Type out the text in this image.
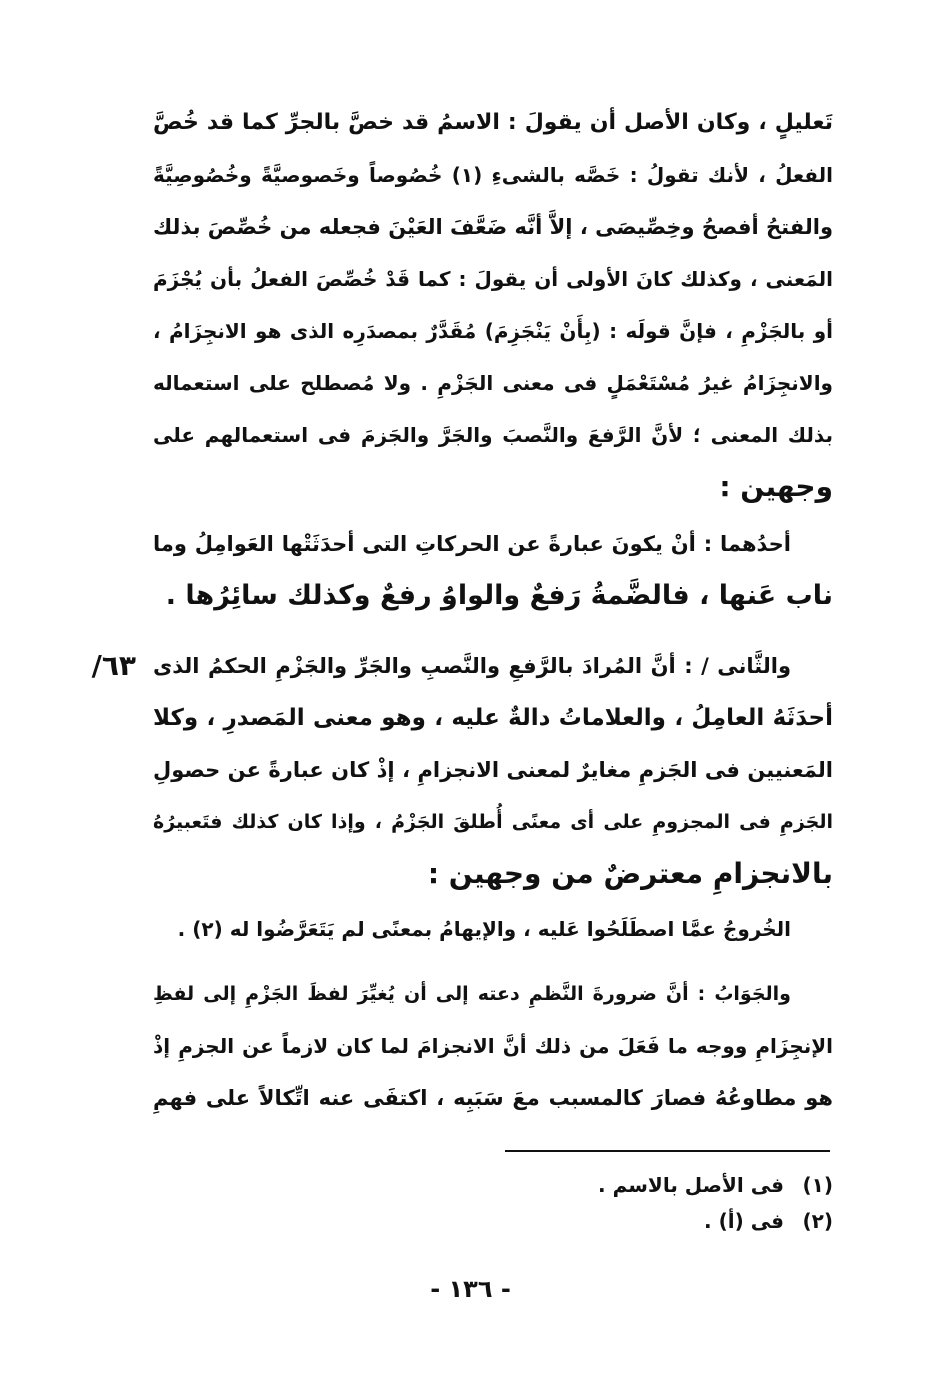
تَعليلٍ ، وكان الأصل أن يقولَ : الاسمُ قد خصَّ بالجرِّ كما قد خُصَّ
الفعلُ ، لأنك تقولُ : خَصَّه بالشىءِ (١) خُصُوصاً وخَصوصيَّةً وخُصُوصِيَّةً
والفتحُ أفصحُ وخِصِّيصَى ، إلاَّ أنَّه ضَعَّفَ العَيْنَ فجعله من خُصِّصَ بذلك
المَعنى ، وكذلك كانَ الأولى أن يقولَ : كما قَدْ خُصِّصَ الفعلُ بأن يُجْزَمَ
أو بالجَزْمِ ، فإنَّ قولَه : (بِأَنْ يَنْجَزِمَ) مُقَدَّرٌ بمصدَرِه الذى هو الانجِزَامُ ،
والانجِزَامُ غيرُ مُسْتَعْمَلٍ فى معنى الجَزْمِ . ولا مُصطلح على استعماله
بذلك المعنى ؛ لأنَّ الرَّفعَ والنَّصبَ والجَرَّ والجَزمَ فى استعمالهم على
وجهين :
أحدُهما : أنْ يكونَ عبارةً عن الحركاتِ التى أحدَثَتْها العَوامِلُ وما
ناب عَنها ، فالضَّمةُ رَفعٌ والواوُ رفعٌ وكذلك سائِرُها .
والثَّانى / : أنَّ المُرادَ بالرَّفعِ والنَّصبِ والجَرِّ والجَزْمِ الحكمُ الذى
٦٣/
أحدَثَهُ العامِلُ ، والعلاماتُ دالةٌ عليه ، وهو معنى المَصدرِ ، وكلا
المَعنيين فى الجَزمِ مغايرٌ لمعنى الانجزامِ ، إذْ كان عبارةً عن حصولِ
الجَزمِ فى المجزومِ على أى معنًى أُطلقَ الجَزْمُ ، وإذا كان كذلك فتَعبيرُهُ
بالانجزامِ معترضٌ من وجهين :
الخُروجُ عمَّا اصطَلَحُوا عَليه ، والإيهامُ بمعنًى لم يَتَعَرَّضُوا له (٢) .
والجَوَابُ : أنَّ ضرورةَ النَّظمِ دعته إلى أن يُغيِّرَ لفظَ الجَزْمِ إلى لفظِ
الإنجِزَامِ ووجه ما فَعَلَ من ذلك أنَّ الانجزامَ لما كان لازماً عن الجزمِ إذْ
هو مطاوعُهُ فصارَ كالمسبب معَ سَبَبِه ، اكتفَى عنه اتِّكالاً على فهمِ
(١) فى الأصل بالاسم .
(٢) فى (أ) .
- ١٣٦ -
